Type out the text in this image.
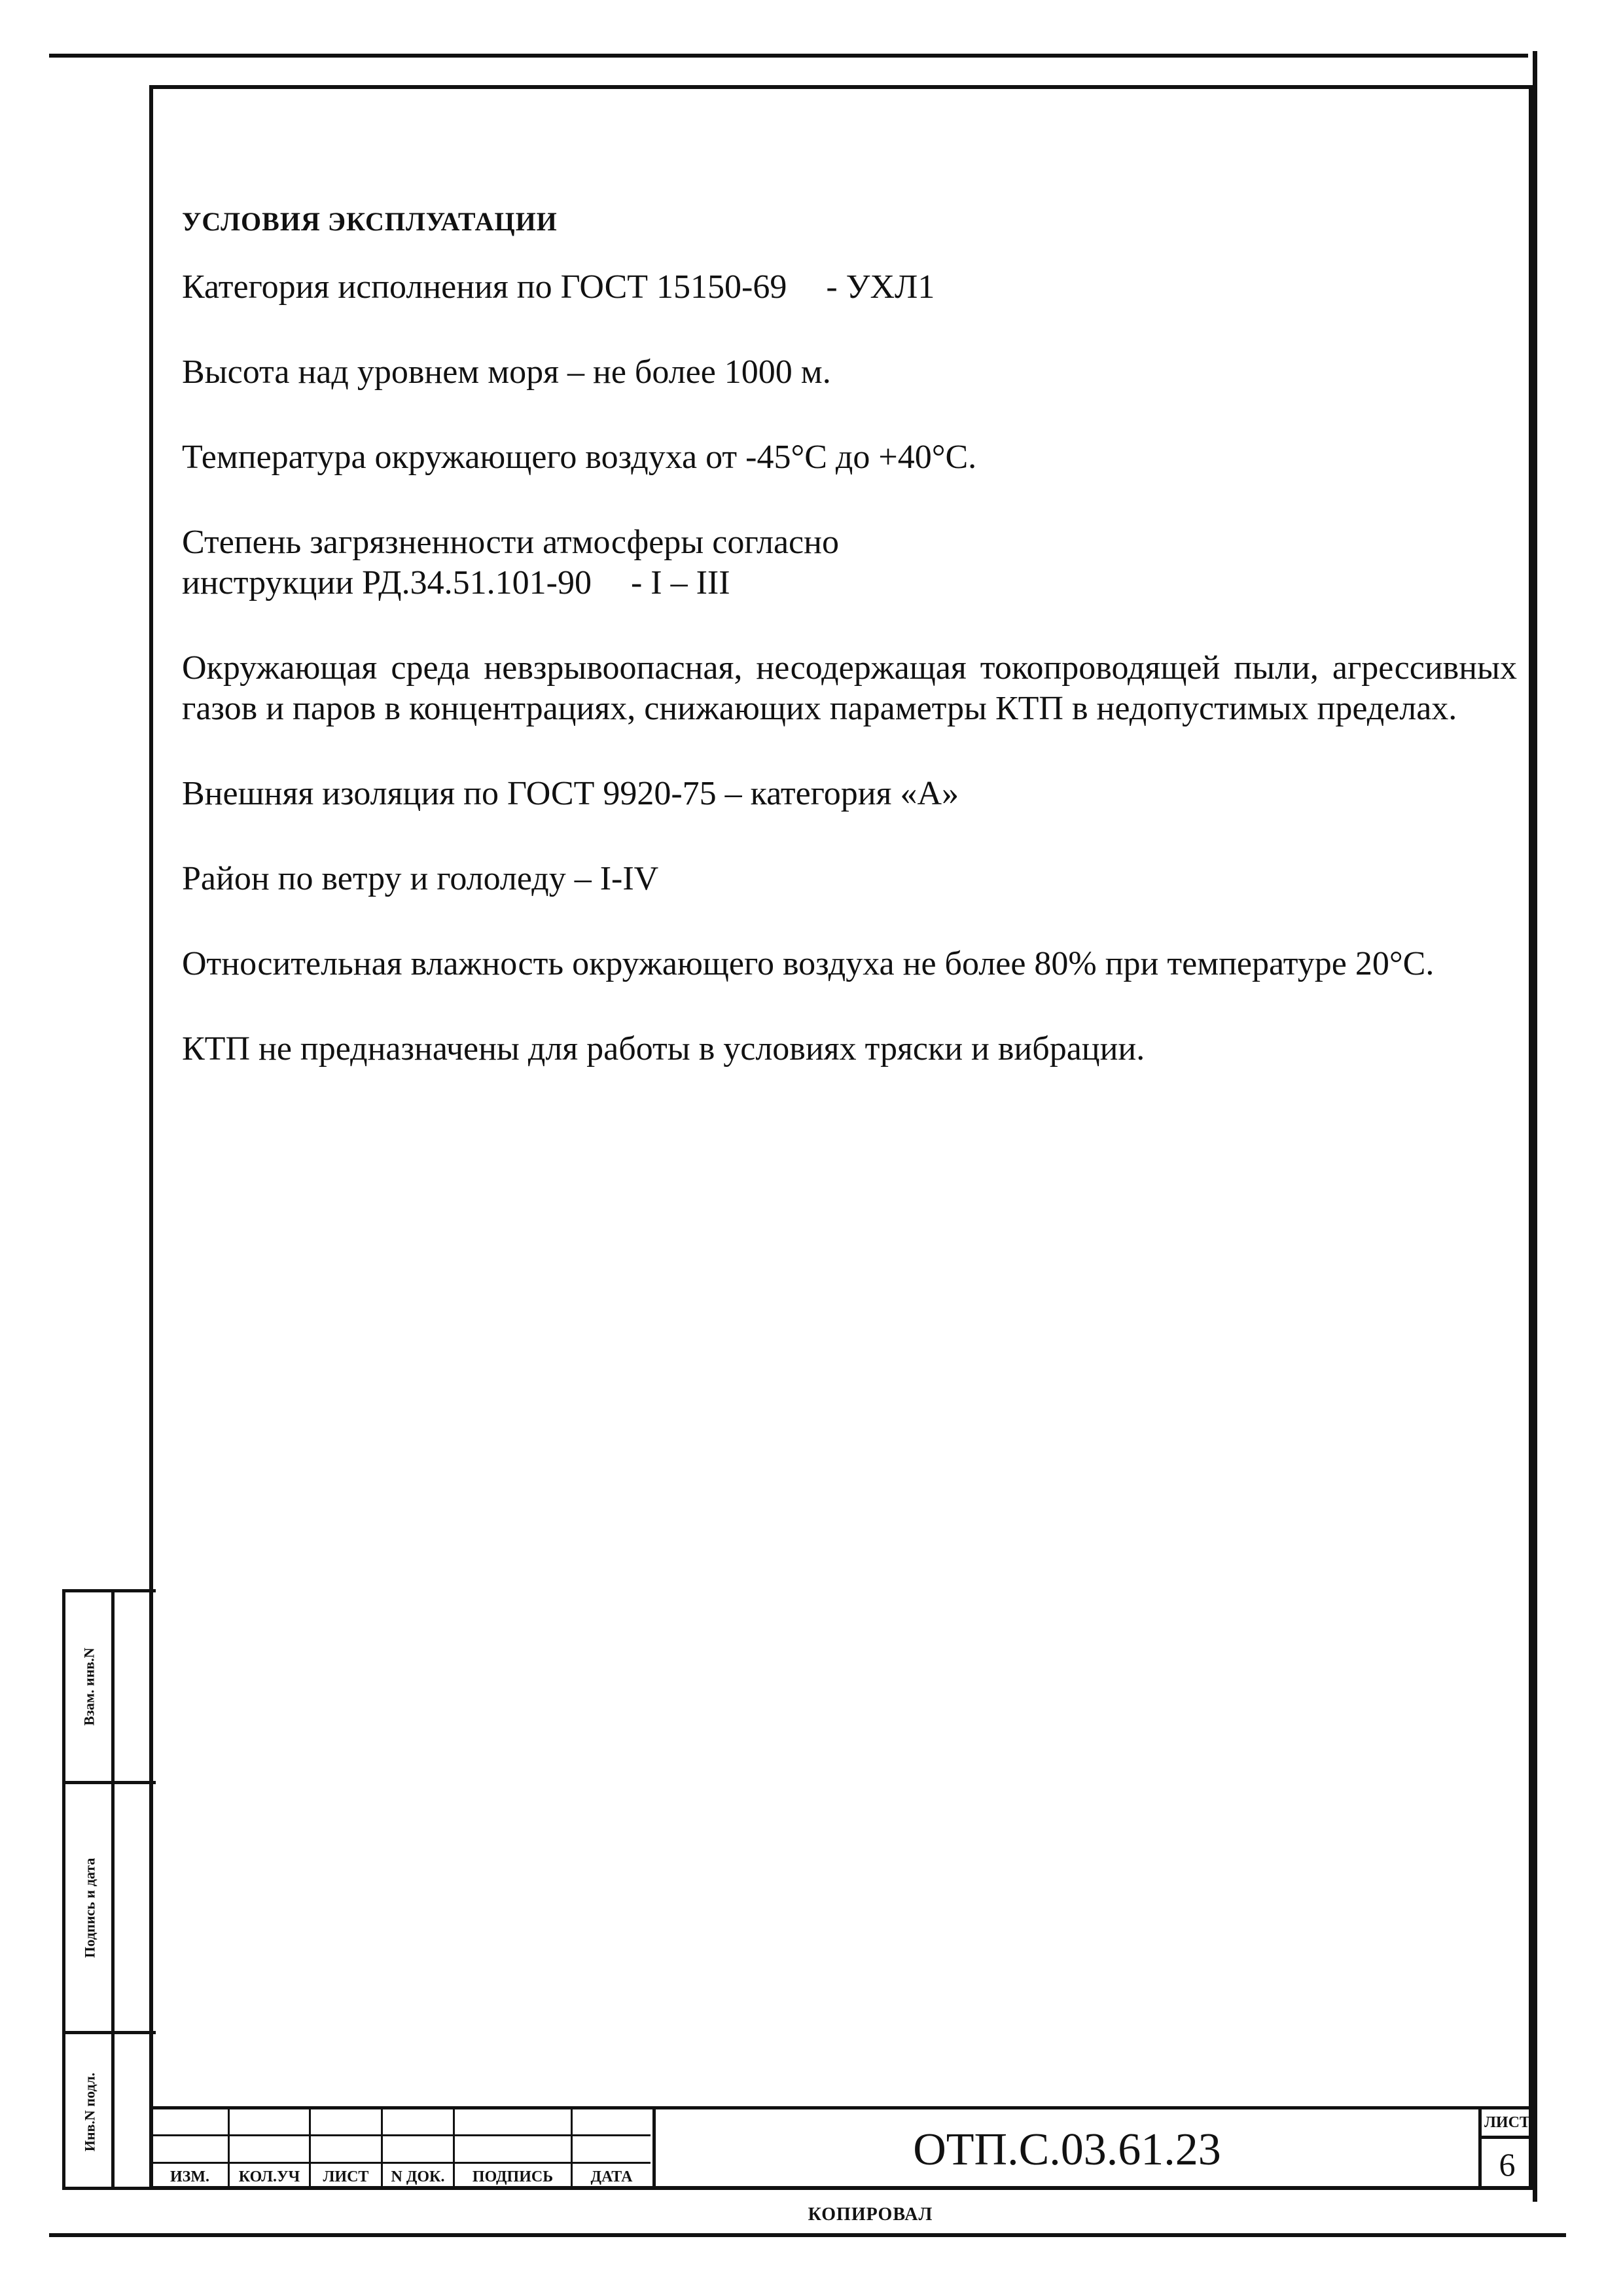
УСЛОВИЯ ЭКСПЛУАТАЦИИ
Категория исполнения по ГОСТ 15150-69 - УХЛ1
Высота над уровнем моря – не более 1000 м.
Температура окружающего воздуха от -45°С до +40°С.
Степень загрязненности атмосферы согласно
инструкции РД.34.51.101-90 - I – III
Окружающая среда невзрывоопасная, несодержащая токопроводящей пыли, агрессивных газов и паров в концентрациях, снижающих параметры КТП в недопустимых пределах.
Внешняя изоляция по ГОСТ 9920-75 – категория «А»
Район по ветру и гололеду – I-IV
Относительная влажность окружающего воздуха не более 80% при температуре 20°С.
КТП не предназначены для работы в условиях тряски и вибрации.
Взам. инв.N
Подпись и дата
Инв.N подл.
ИЗМ.	КОЛ.УЧ	ЛИСТ	N ДОК.	ПОДПИСЬ	ДАТА
ОТП.С.03.61.23
ЛИСТ
6
КОПИРОВАЛ
